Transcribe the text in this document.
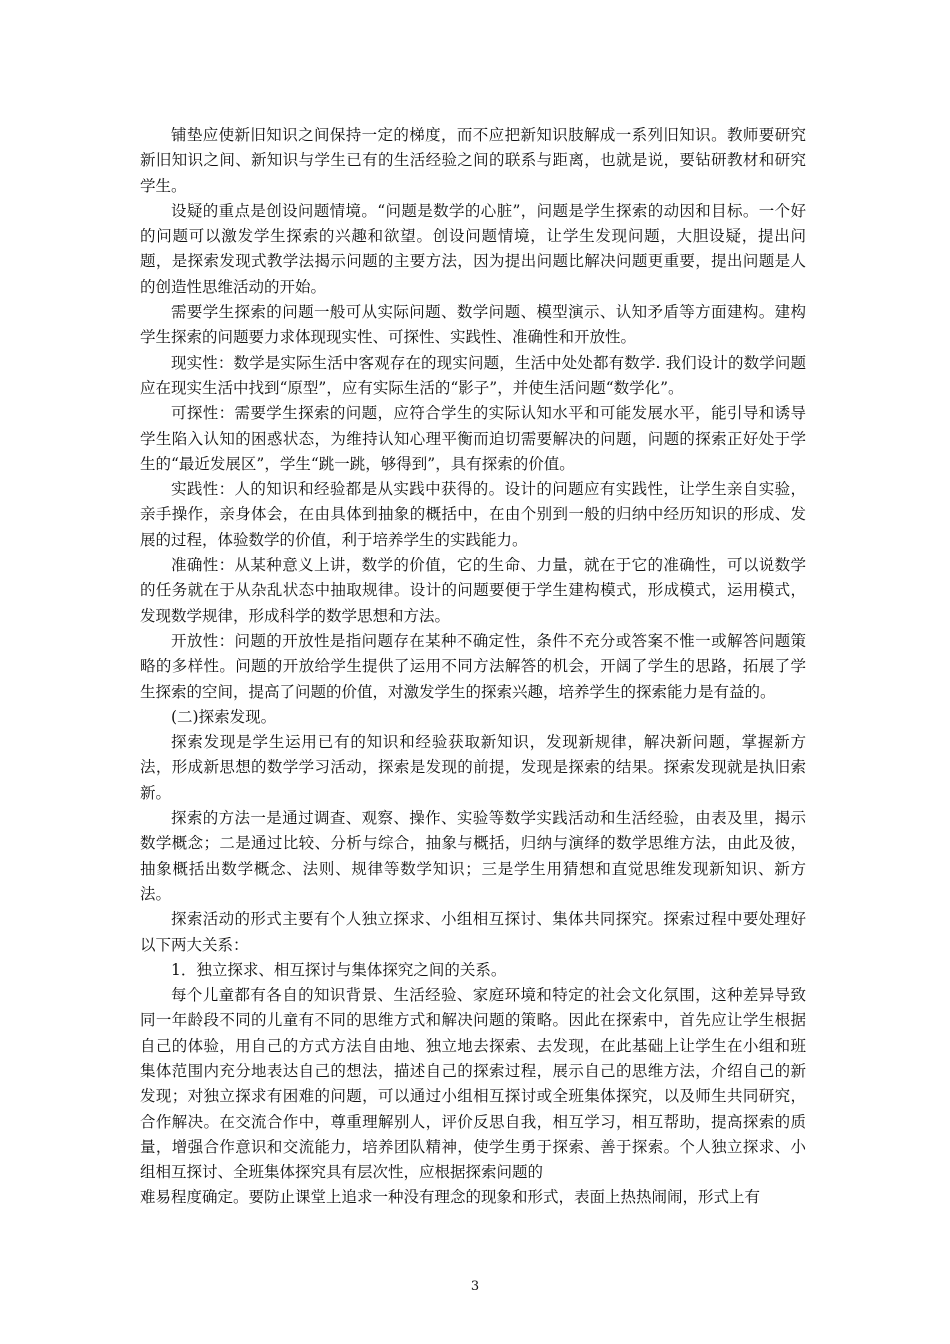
铺垫应使新旧知识之间保持一定的梯度，而不应把新知识肢解成一系列旧知识。教师要研究新旧知识之间、新知识与学生已有的生活经验之间的联系与距离，也就是说，要钻研教材和研究学生。

设疑的重点是创设问题情境。“问题是数学的心脏”，问题是学生探索的动因和目标。一个好的问题可以激发学生探索的兴趣和欲望。创设问题情境，让学生发现问题，大胆设疑，提出问题，是探索发现式教学法揭示问题的主要方法，因为提出问题比解决问题更重要，提出问题是人的创造性思维活动的开始。

需要学生探索的问题一般可从实际问题、数学问题、模型演示、认知矛盾等方面建构。建构学生探索的问题要力求体现现实性、可探性、实践性、准确性和开放性。

现实性：数学是实际生活中客观存在的现实问题，生活中处处都有数学. 我们设计的数学问题应在现实生活中找到“原型”，应有实际生活的“影子”，并使生活问题“数学化”。

可探性：需要学生探索的问题，应符合学生的实际认知水平和可能发展水平，能引导和诱导学生陷入认知的困惑状态，为维持认知心理平衡而迫切需要解决的问题，问题的探索正好处于学生的“最近发展区”，学生“跳一跳，够得到”，具有探索的价值。

实践性：人的知识和经验都是从实践中获得的。设计的问题应有实践性，让学生亲自实验，亲手操作，亲身体会，在由具体到抽象的概括中，在由个别到一般的归纳中经历知识的形成、发展的过程，体验数学的价值，利于培养学生的实践能力。

准确性：从某种意义上讲，数学的价值，它的生命、力量，就在于它的准确性，可以说数学的任务就在于从杂乱状态中抽取规律。设计的问题要便于学生建构模式，形成模式，运用模式，发现数学规律，形成科学的数学思想和方法。

开放性：问题的开放性是指问题存在某种不确定性，条件不充分或答案不惟一或解答问题策略的多样性。问题的开放给学生提供了运用不同方法解答的机会，开阔了学生的思路，拓展了学生探索的空间，提高了问题的价值，对激发学生的探索兴趣，培养学生的探索能力是有益的。

(二)探索发现。

探索发现是学生运用已有的知识和经验获取新知识，发现新规律，解决新问题，掌握新方法，形成新思想的数学学习活动，探索是发现的前提，发现是探索的结果。探索发现就是执旧索新。

探索的方法一是通过调查、观察、操作、实验等数学实践活动和生活经验，由表及里，揭示数学概念；二是通过比较、分析与综合，抽象与概括，归纳与演绎的数学思维方法，由此及彼，抽象概括出数学概念、法则、规律等数学知识；三是学生用猜想和直觉思维发现新知识、新方法。

探索活动的形式主要有个人独立探求、小组相互探讨、集体共同探究。探索过程中要处理好以下两大关系：

1．独立探求、相互探讨与集体探究之间的关系。

每个儿童都有各自的知识背景、生活经验、家庭环境和特定的社会文化氛围，这种差异导致同一年龄段不同的儿童有不同的思维方式和解决问题的策略。因此在探索中，首先应让学生根据自己的体验，用自己的方式方法自由地、独立地去探索、去发现，在此基础上让学生在小组和班集体范围内充分地表达自己的想法，描述自己的探索过程，展示自己的思维方法，介绍自己的新发现；对独立探求有困难的问题，可以通过小组相互探讨或全班集体探究，以及师生共同研究，合作解决。在交流合作中，尊重理解别人，评价反思自我，相互学习，相互帮助，提高探索的质量，增强合作意识和交流能力，培养团队精神，使学生勇于探索、善于探索。个人独立探求、小组相互探讨、全班集体探究具有层次性，应根据探索问题的

难易程度确定。要防止课堂上追求一种没有理念的现象和形式，表面上热热闹闹，形式上有

3
